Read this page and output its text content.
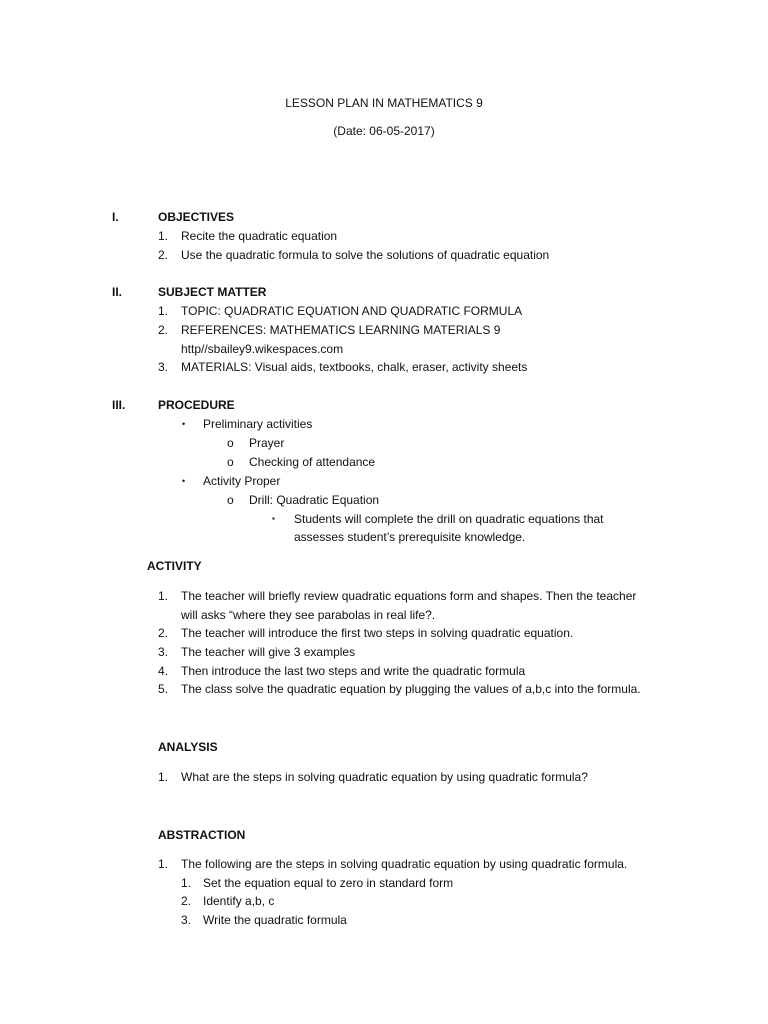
LESSON PLAN IN MATHEMATICS 9
(Date: 06-05-2017)
I.	OBJECTIVES
1. Recite the quadratic equation
2. Use the quadratic formula to solve the solutions of quadratic equation
II.	SUBJECT MATTER
1. TOPIC: QUADRATIC EQUATION AND QUADRATIC FORMULA
2. REFERENCES: MATHEMATICS LEARNING MATERIALS 9
http//sbailey9.wikespaces.com
3. MATERIALS: Visual aids, textbooks, chalk, eraser, activity sheets
III.	PROCEDURE
• Preliminary activities
o Prayer
o Checking of attendance
• Activity Proper
o Drill: Quadratic Equation
▪ Students will complete the drill on quadratic equations that
assesses student’s prerequisite knowledge.
ACTIVITY
1. The teacher will briefly review quadratic equations form and shapes. Then the teacher
will asks “where they see parabolas in real life?.
2. The teacher will introduce the first two steps in solving quadratic equation.
3. The teacher will give 3 examples
4. Then introduce the last two steps and write the quadratic formula
5. The class solve the quadratic equation by plugging the values of a,b,c into the formula.
ANALYSIS
1. What are the steps in solving quadratic equation by using quadratic formula?
ABSTRACTION
1. The following are the steps in solving quadratic equation by using quadratic formula.
1. Set the equation equal to zero in standard form
2. Identify a,b, c
3. Write the quadratic formula
